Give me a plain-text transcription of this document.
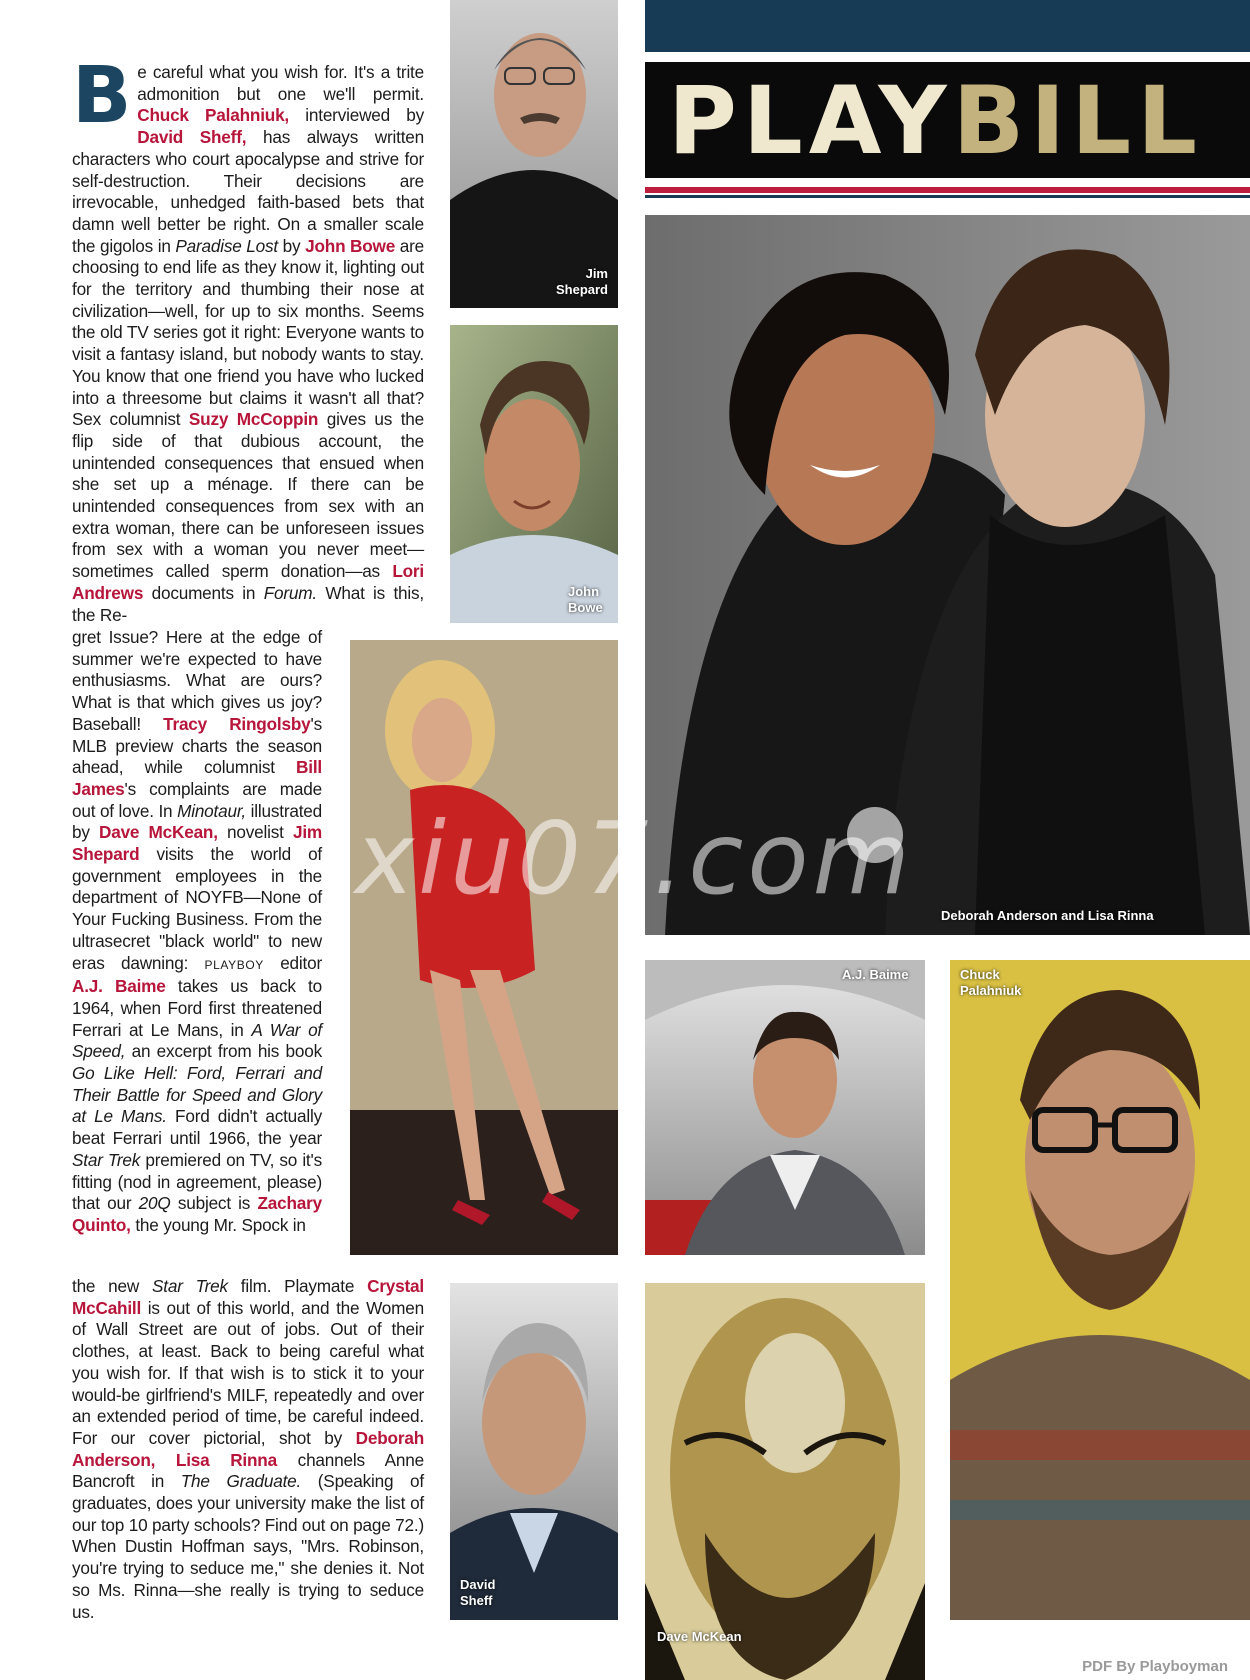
PLAYBILL

Be careful what you wish for. It's a trite admonition but one we'll permit. Chuck Palahniuk, interviewed by David Sheff, has always written characters who court apocalypse and strive for self-destruction. Their decisions are irrevocable, unhedged faith-based bets that damn well better be right. On a smaller scale the gigolos in Paradise Lost by John Bowe are choosing to end life as they know it, lighting out for the territory and thumbing their nose at civilization—well, for up to six months. Seems the old TV series got it right: Everyone wants to visit a fantasy island, but nobody wants to stay. You know that one friend you have who lucked into a threesome but claims it wasn't all that? Sex columnist Suzy McCoppin gives us the flip side of that dubious account, the unintended consequences that ensued when she set up a ménage. If there can be unintended consequences from sex with an extra woman, there can be unforeseen issues from sex with a woman you never meet—sometimes called sperm donation—as Lori Andrews documents in Forum. What is this, the Re-

gret Issue? Here at the edge of summer we're expected to have enthusiasms. What are ours? What is that which gives us joy? Baseball! Tracy Ringolsby's MLB preview charts the season ahead, while columnist Bill James's complaints are made out of love. In Minotaur, illustrated by Dave McKean, novelist Jim Shepard visits the world of government employees in the department of NOYFB—None of Your Fucking Business. From the ultrasecret "black world" to new eras dawning: PLAYBOY editor A.J. Baime takes us back to 1964, when Ford first threatened Ferrari at Le Mans, in A War of Speed, an excerpt from his book Go Like Hell: Ford, Ferrari and Their Battle for Speed and Glory at Le Mans. Ford didn't actually beat Ferrari until 1966, the year Star Trek premiered on TV, so it's fitting (nod in agreement, please) that our 20Q subject is Zachary Quinto, the young Mr. Spock in

the new Star Trek film. Playmate Crystal McCahill is out of this world, and the Women of Wall Street are out of jobs. Out of their clothes, at least. Back to being careful what you wish for. If that wish is to stick it to your would-be girlfriend's MILF, repeatedly and over an extended period of time, be careful indeed. For our cover pictorial, shot by Deborah Anderson, Lisa Rinna channels Anne Bancroft in The Graduate. (Speaking of graduates, does your university make the list of our top 10 party schools? Find out on page 72.) When Dustin Hoffman says, "Mrs. Robinson, you're trying to seduce me," she denies it. Not so Ms. Rinna—she really is trying to seduce us.

Jim
Shepard
John
Bowe
Deborah Anderson and Lisa Rinna
A.J. Baime	Chuck
Palahniuk
David
Sheff
Dave McKean
xiu07.com
PDF By Playboyman
